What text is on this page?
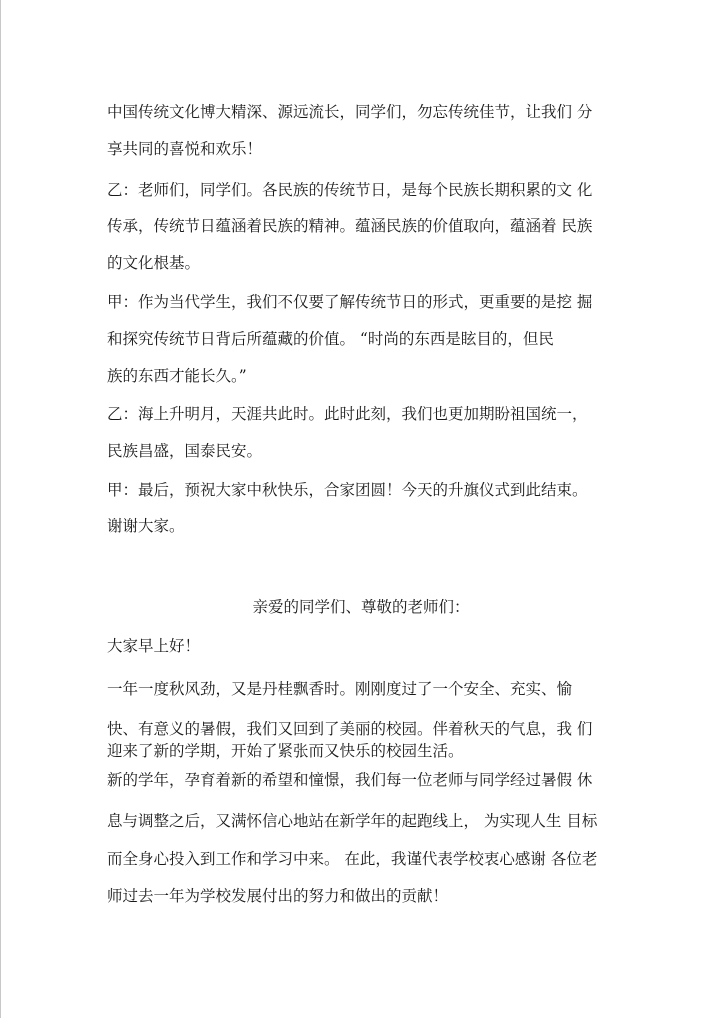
中国传统文化博大精深、源远流长，同学们，勿忘传统佳节，让我们 分
享共同的喜悦和欢乐！
乙：老师们，同学们。各民族的传统节日，是每个民族长期积累的文 化
传承，传统节日蕴涵着民族的精神。蕴涵民族的价值取向，蕴涵着 民族
的文化根基。
甲：作为当代学生，我们不仅要了解传统节日的形式，更重要的是挖 掘
和探究传统节日背后所蕴藏的价值。 “时尚的东西是眩目的，但民
族的东西才能长久。”
乙：海上升明月，天涯共此时。此时此刻，我们也更加期盼祖国统一，
民族昌盛，国泰民安。
甲：最后，预祝大家中秋快乐，合家团圆！今天的升旗仪式到此结束。
谢谢大家。
亲爱的同学们、尊敬的老师们：
大家早上好！
一年一度秋风劲，又是丹桂飘香时。刚刚度过了一个安全、充实、愉
快、有意义的暑假，我们又回到了美丽的校园。伴着秋天的气息，我 们
迎来了新的学期，开始了紧张而又快乐的校园生活。
新的学年，孕育着新的希望和憧憬，我们每一位老师与同学经过暑假 休
息与调整之后，又满怀信心地站在新学年的起跑线上， 为实现人生 目标
而全身心投入到工作和学习中来。 在此，我谨代表学校衷心感谢 各位老
师过去一年为学校发展付出的努力和做出的贡献！
